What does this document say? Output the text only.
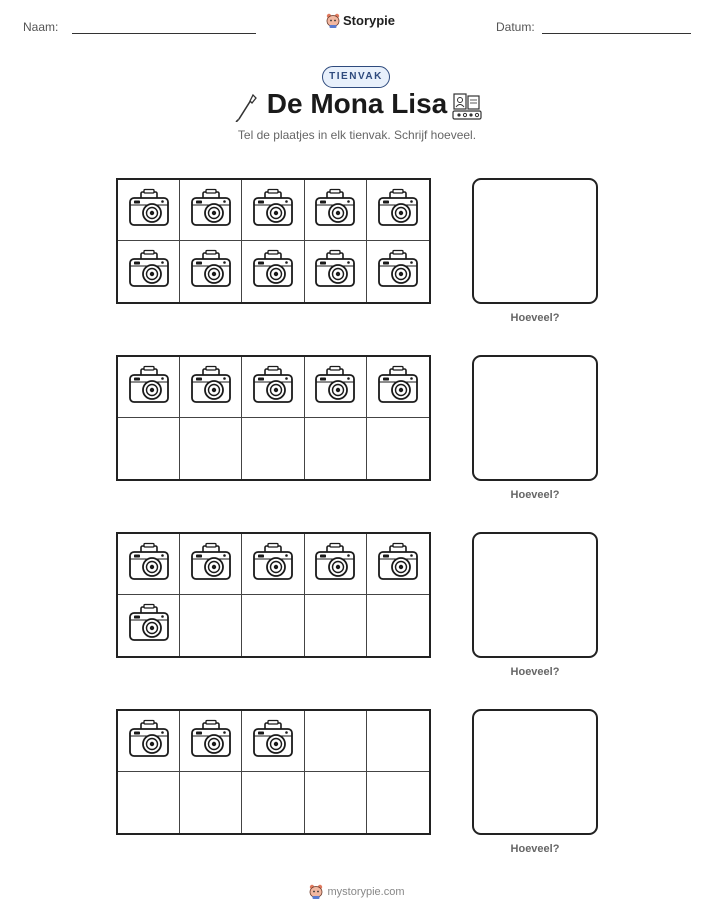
Naam:	Storypie	Datum:
TIENVAK
De Mona Lisa
Tel de plaatjes in elk tienvak. Schrijf hoeveel.
Hoeveel?
Hoeveel?
Hoeveel?
Hoeveel?
mystorypie.com
